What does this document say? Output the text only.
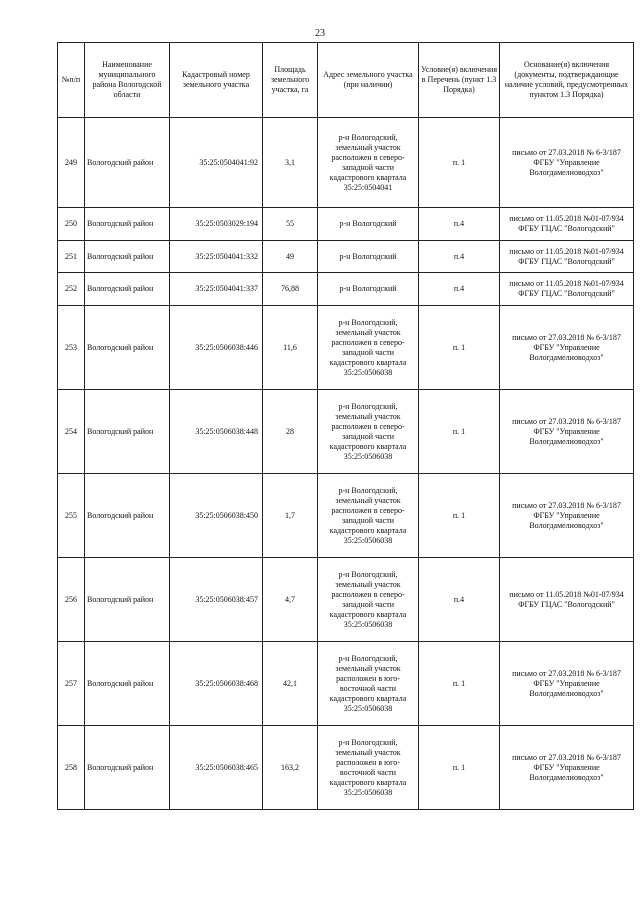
23
№п/п	Наименование муниципального района Вологодской области	Кадастровый номер земельного участка	Площадь земельного участка, га	Адрес земельного участка (при наличии)	Условие(я) включения в Перечень (пункт 1.3 Порядка)	Основание(я) включения (документы, подтверждающие наличие условий, предусмотренных пунктом 1.3 Порядка)
249	Вологодский район	35:25:0504041:92	3,1	р-н Вологодский, земельный участок расположен в северо-западной части кадастрового квартала 35:25:0504041	п. 1	письмо от 27.03.2018 № 6-3/187 ФГБУ "Управление Вологдамелиоводхоз"
250	Вологодский район	35:25:0503029:194	55	р-н Вологодский	п.4	письмо от 11.05.2018 №01-07/934 ФГБУ ГЦАС "Вологодский"
251	Вологодский район	35:25:0504041:332	49	р-н Вологодский	п.4	письмо от 11.05.2018 №01-07/934 ФГБУ ГЦАС "Вологодский"
252	Вологодский район	35:25:0504041:337	76,88	р-н Вологодский	п.4	письмо от 11.05.2018 №01-07/934 ФГБУ ГЦАС "Вологодский"
253	Вологодский район	35:25:0506038:446	11,6	р-н Вологодский, земельный участок расположен в северо-западной части кадастрового квартала 35:25:0506038	п. 1	письмо от 27.03.2018 № 6-3/187 ФГБУ "Управление Вологдамелиоводхоз"
254	Вологодский район	35:25:0506038:448	28	р-н Вологодский, земельный участок расположен в северо-западной части кадастрового квартала 35:25:0506038	п. 1	письмо от 27.03.2018 № 6-3/187 ФГБУ "Управление Вологдамелиоводхоз"
255	Вологодский район	35:25:0506038:450	1,7	р-н Вологодский, земельный участок расположен в северо-западной части кадастрового квартала 35:25:0506038	п. 1	письмо от 27.03.2018 № 6-3/187 ФГБУ "Управление Вологдамелиоводхоз"
256	Вологодский район	35:25:0506038:457	4,7	р-н Вологодский, земельный участок расположен в северо-западной части кадастрового квартала 35:25:0506038	п.4	письмо от 11.05.2018 №01-07/934 ФГБУ ГЦАС "Вологодский"
257	Вологодский район	35:25:0506038:468	42,1	р-н Вологодский, земельный участок расположен в юго-восточной части кадастрового квартала 35:25:0506038	п. 1	письмо от 27.03.2018 № 6-3/187 ФГБУ "Управление Вологдамелиоводхоз"
258	Вологодский район	35:25:0506038:465	163,2	р-н Вологодский, земельный участок расположен в юго-восточной части кадастрового квартала 35:25:0506038	п. 1	письмо от 27.03.2018 № 6-3/187 ФГБУ "Управление Вологдамелиоводхоз"
